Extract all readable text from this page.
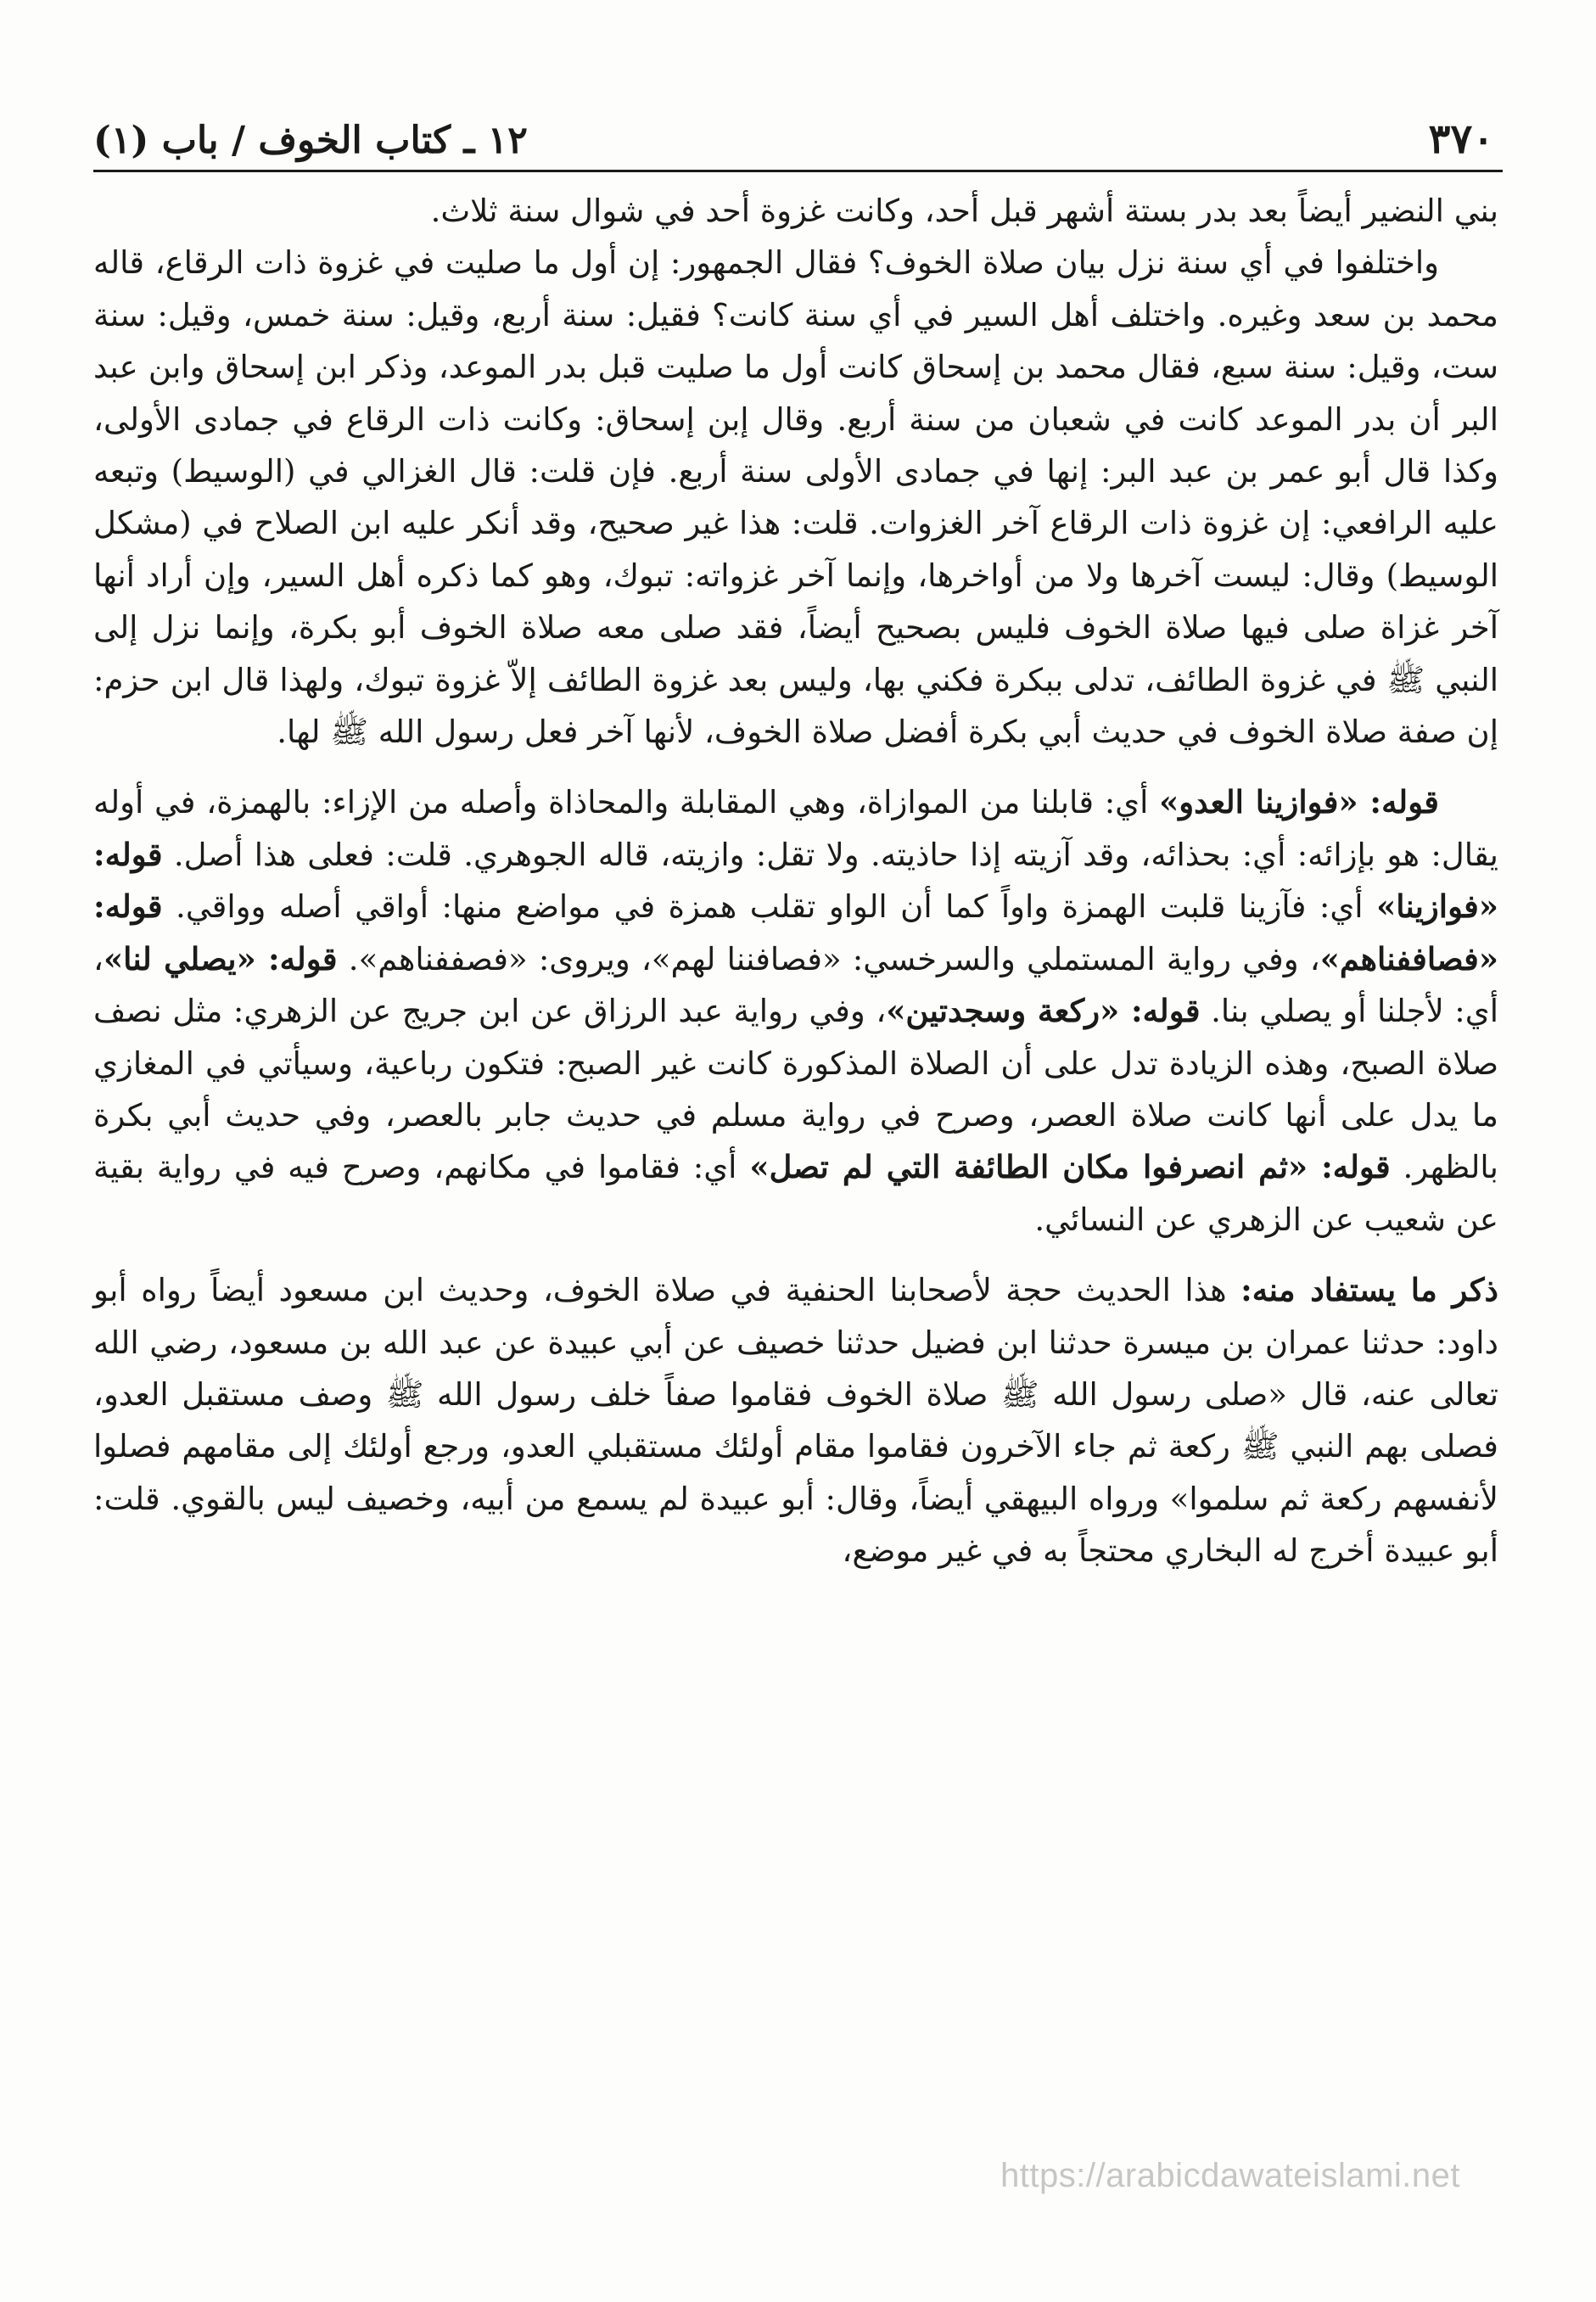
٣٧٠
١٢ ـ كتاب الخوف / باب (١)

بني النضير أيضاً بعد بدر بستة أشهر قبل أحد، وكانت غزوة أحد في شوال سنة ثلاث.

واختلفوا في أي سنة نزل بيان صلاة الخوف؟ فقال الجمهور: إن أول ما صليت في غزوة ذات الرقاع، قاله محمد بن سعد وغيره. واختلف أهل السير في أي سنة كانت؟ فقيل: سنة أربع، وقيل: سنة خمس، وقيل: سنة ست، وقيل: سنة سبع، فقال محمد بن إسحاق كانت أول ما صليت قبل بدر الموعد، وذكر ابن إسحاق وابن عبد البر أن بدر الموعد كانت في شعبان من سنة أربع. وقال إبن إسحاق: وكانت ذات الرقاع في جمادى الأولى، وكذا قال أبو عمر بن عبد البر: إنها في جمادى الأولى سنة أربع. فإن قلت: قال الغزالي في (الوسيط) وتبعه عليه الرافعي: إن غزوة ذات الرقاع آخر الغزوات. قلت: هذا غير صحيح، وقد أنكر عليه ابن الصلاح في (مشكل الوسيط) وقال: ليست آخرها ولا من أواخرها، وإنما آخر غزواته: تبوك، وهو كما ذكره أهل السير، وإن أراد أنها آخر غزاة صلى فيها صلاة الخوف فليس بصحيح أيضاً، فقد صلى معه صلاة الخوف أبو بكرة، وإنما نزل إلى النبي ﷺ في غزوة الطائف، تدلى ببكرة فكني بها، وليس بعد غزوة الطائف إلاّ غزوة تبوك، ولهذا قال ابن حزم: إن صفة صلاة الخوف في حديث أبي بكرة أفضل صلاة الخوف، لأنها آخر فعل رسول الله ﷺ لها.

قوله: «فوازينا العدو» أي: قابلنا من الموازاة، وهي المقابلة والمحاذاة وأصله من الإزاء: بالهمزة، في أوله يقال: هو بإزائه: أي: بحذائه، وقد آزيته إذا حاذيته. ولا تقل: وازيته، قاله الجوهري. قلت: فعلى هذا أصل. قوله: «فوازينا» أي: فآزينا قلبت الهمزة واواً كما أن الواو تقلب همزة في مواضع منها: أواقي أصله وواقي. قوله: «فصاففناهم»، وفي رواية المستملي والسرخسي: «فصافننا لهم»، ويروى: «فصففناهم». قوله: «يصلي لنا»، أي: لأجلنا أو يصلي بنا. قوله: «ركعة وسجدتين»، وفي رواية عبد الرزاق عن ابن جريج عن الزهري: مثل نصف صلاة الصبح، وهذه الزيادة تدل على أن الصلاة المذكورة كانت غير الصبح: فتكون رباعية، وسيأتي في المغازي ما يدل على أنها كانت صلاة العصر، وصرح في رواية مسلم في حديث جابر بالعصر، وفي حديث أبي بكرة بالظهر. قوله: «ثم انصرفوا مكان الطائفة التي لم تصل» أي: فقاموا في مكانهم، وصرح فيه في رواية بقية عن شعيب عن الزهري عن النسائي.

ذكر ما يستفاد منه: هذا الحديث حجة لأصحابنا الحنفية في صلاة الخوف، وحديث ابن مسعود أيضاً رواه أبو داود: حدثنا عمران بن ميسرة حدثنا ابن فضيل حدثنا خصيف عن أبي عبيدة عن عبد الله بن مسعود، رضي الله تعالى عنه، قال «صلى رسول الله ﷺ صلاة الخوف فقاموا صفاً خلف رسول الله ﷺ وصف مستقبل العدو، فصلى بهم النبي ﷺ ركعة ثم جاء الآخرون فقاموا مقام أولئك مستقبلي العدو، ورجع أولئك إلى مقامهم فصلوا لأنفسهم ركعة ثم سلموا» ورواه البيهقي أيضاً، وقال: أبو عبيدة لم يسمع من أبيه، وخصيف ليس بالقوي. قلت: أبو عبيدة أخرج له البخاري محتجاً به في غير موضع،

https://arabicdawateislami.net
